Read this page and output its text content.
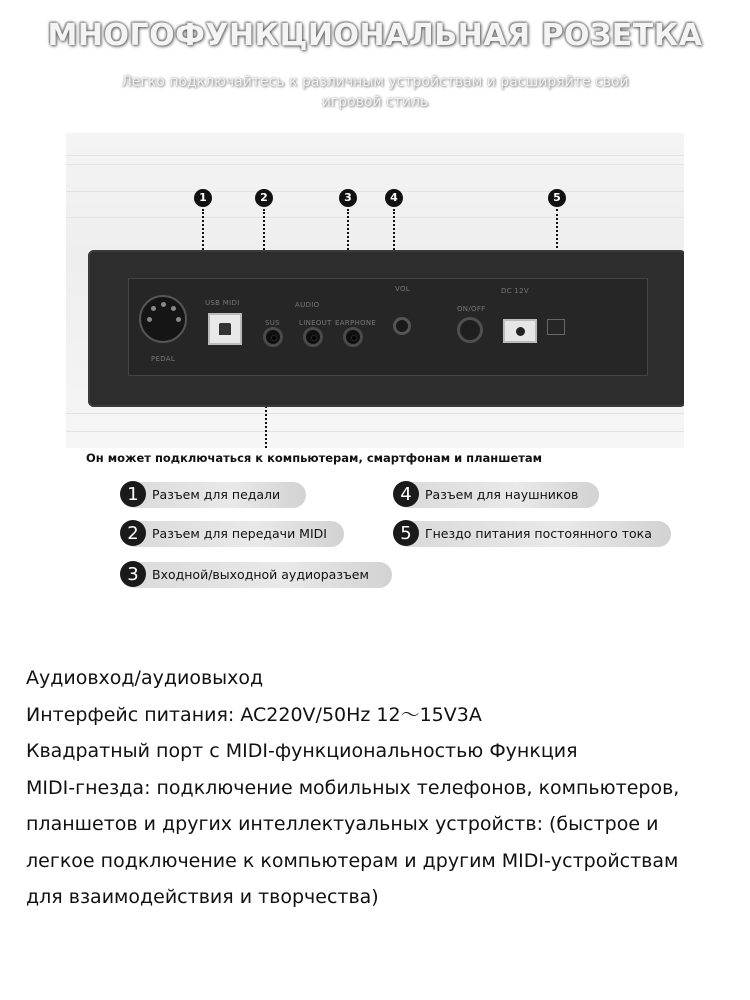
МНОГОФУНКЦИОНАЛЬНАЯ РОЗЕТКА
Легко подключайтесь к различным устройствам и расширяйте свой игровой стиль
1	2	3	4	5
PEDAL
USB MIDI	AUDIO
SUS	LINEOUT EARPHONE
VOL
ON/OFF
DC 12V
Он может подключаться к компьютерам, смартфонам и планшетам
1	Разъем для педали
2	Разъем для передачи MIDI
3	Входной/выходной аудиоразъем
4	Разъем для наушников
5	Гнездо питания постоянного тока

Аудиовход/аудиовыход

Интерфейс питания: AC220V/50Hz 12～15V3A

Квадратный порт с MIDI-функциональностью Функция

MIDI-гнезда: подключение мобильных телефонов, компьютеров,

планшетов и других интеллектуальных устройств: (быстрое и

легкое подключение к компьютерам и другим MIDI-устройствам

для взаимодействия и творчества)
